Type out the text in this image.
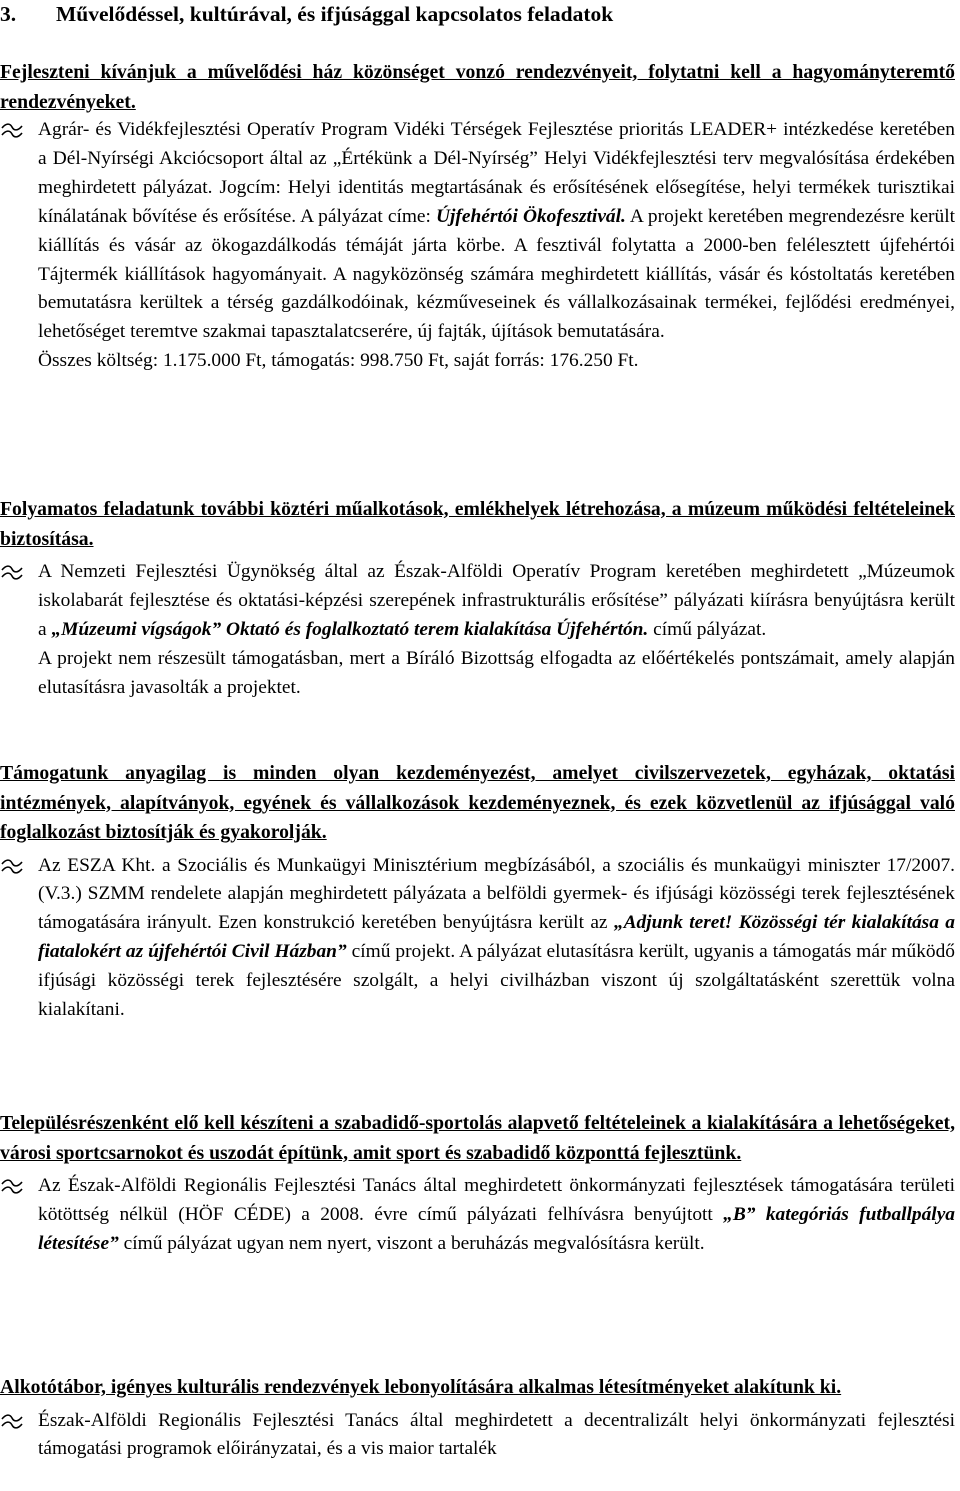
3. Művelődéssel, kultúrával, és ifjúsággal kapcsolatos feladatok
Fejleszteni kívánjuk a művelődési ház közönséget vonzó rendezvényeit, folytatni kell a hagyományteremtő rendezvényeket.
Agrár- és Vidékfejlesztési Operatív Program Vidéki Térségek Fejlesztése prioritás LEADER+ intézkedése keretében a Dél-Nyírségi Akciócsoport által az „Értékünk a Dél-Nyírség” Helyi Vidékfejlesztési terv megvalósítása érdekében meghirdetett pályázat. Jogcím: Helyi identitás megtartásának és erősítésének elősegítése, helyi termékek turisztikai kínálatának bővítése és erősítése. A pályázat címe: Újfehértói Ökofesztivál. A projekt keretében megrendezésre került kiállítás és vásár az ökogazdálkodás témáját járta körbe. A fesztivál folytatta a 2000-ben felélesztett újfehértói Tájtermék kiállítások hagyományait. A nagyközönség számára meghirdetett kiállítás, vásár és kóstoltatás keretében bemutatásra kerültek a térség gazdálkodóinak, kézműveseinek és vállalkozásainak termékei, fejlődési eredményei, lehetőséget teremtve szakmai tapasztalatcserére, új fajták, újítások bemutatására.
Összes költség: 1.175.000 Ft, támogatás: 998.750 Ft, saját forrás: 176.250 Ft.
Folyamatos feladatunk további köztéri műalkotások, emlékhelyek létrehozása, a múzeum működési feltételeinek biztosítása.
A Nemzeti Fejlesztési Ügynökség által az Észak-Alföldi Operatív Program keretében meghirdetett „Múzeumok iskolabarát fejlesztése és oktatási-képzési szerepének infrastrukturális erősítése” pályázati kiírásra benyújtásra került a „Múzeumi vígságok” Oktató és foglalkoztató terem kialakítása Újfehértón. című pályázat.
A projekt nem részesült támogatásban, mert a Bíráló Bizottság elfogadta az előértékelés pontszámait, amely alapján elutasításra javasolták a projektet.
Támogatunk anyagilag is minden olyan kezdeményezést, amelyet civilszervezetek, egyházak, oktatási intézmények, alapítványok, egyének és vállalkozások kezdeményeznek, és ezek közvetlenül az ifjúsággal való foglalkozást biztosítják és gyakorolják.
Az ESZA Kht. a Szociális és Munkaügyi Minisztérium megbízásából, a szociális és munkaügyi miniszter 17/2007. (V.3.) SZMM rendelete alapján meghirdetett pályázata a belföldi gyermek- és ifjúsági közösségi terek fejlesztésének támogatására irányult. Ezen konstrukció keretében benyújtásra került az „Adjunk teret! Közösségi tér kialakítása a fiatalokért az újfehértói Civil Házban” című projekt. A pályázat elutasításra került, ugyanis a támogatás már működő ifjúsági közösségi terek fejlesztésére szolgált, a helyi civilházban viszont új szolgáltatásként szerettük volna kialakítani.
Településrészenként elő kell készíteni a szabadidő-sportolás alapvető feltételeinek a kialakítására a lehetőségeket, városi sportcsarnokot és uszodát építünk, amit sport és szabadidő központtá fejlesztünk.
Az Észak-Alföldi Regionális Fejlesztési Tanács által meghirdetett önkormányzati fejlesztések támogatására területi kötöttség nélkül (HÖF CÉDE) a 2008. évre című pályázati felhívásra benyújtott „B” kategóriás futballpálya létesítése” című pályázat ugyan nem nyert, viszont a beruházás megvalósításra került.
Alkotótábor, igényes kulturális rendezvények lebonyolítására alkalmas létesítményeket alakítunk ki.
Észak-Alföldi Regionális Fejlesztési Tanács által meghirdetett a decentralizált helyi önkormányzati fejlesztési támogatási programok előirányzatai, és a vis maior tartalék
